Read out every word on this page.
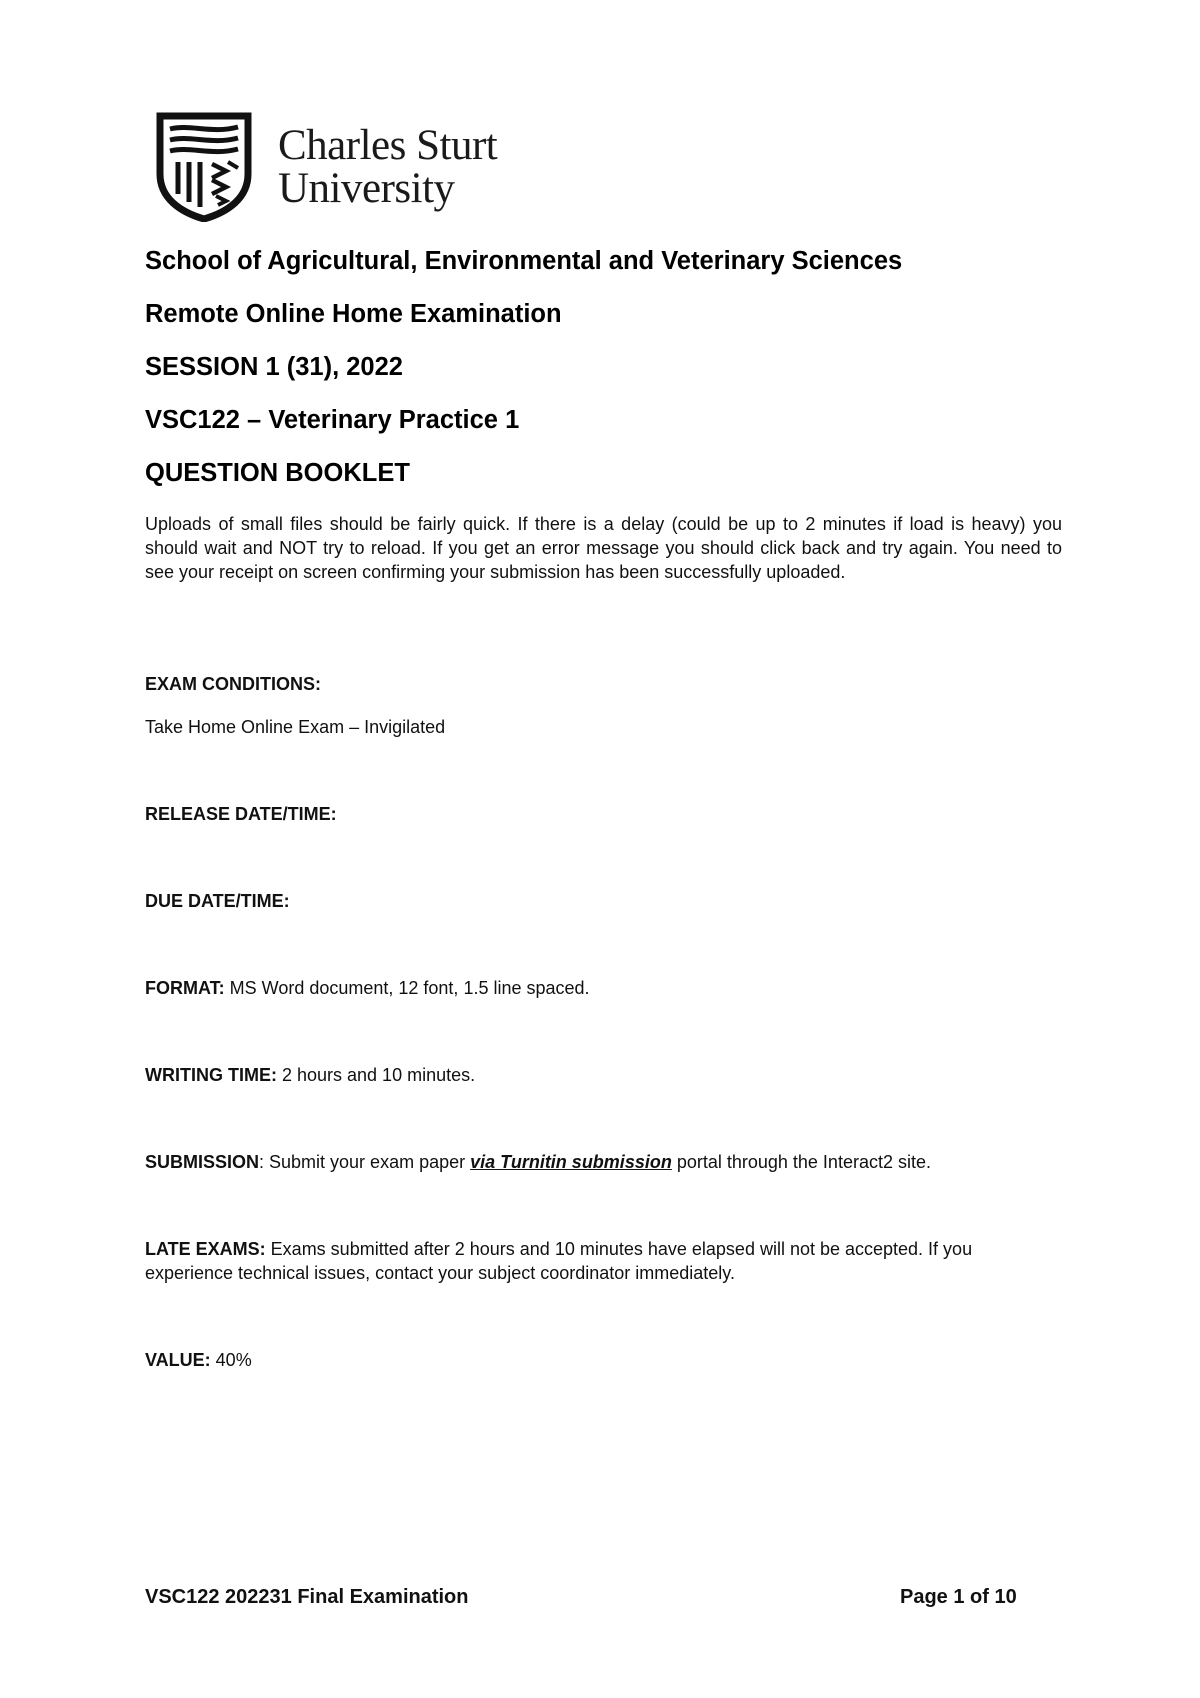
Charles Sturt
University
School of Agricultural, Environmental and Veterinary Sciences
Remote Online Home Examination
SESSION 1 (31), 2022
VSC122 – Veterinary Practice 1
QUESTION BOOKLET
Uploads of small files should be fairly quick. If there is a delay (could be up to 2 minutes if load is heavy) you should wait and NOT try to reload. If you get an error message you should click back and try again. You need to see your receipt on screen confirming your submission has been successfully uploaded.
EXAM CONDITIONS:
Take Home Online Exam – Invigilated
RELEASE DATE/TIME:
DUE DATE/TIME:
FORMAT: MS Word document, 12 font, 1.5 line spaced.
WRITING TIME: 2 hours and 10 minutes.
SUBMISSION: Submit your exam paper via Turnitin submission portal through the Interact2 site.
LATE EXAMS: Exams submitted after 2 hours and 10 minutes have elapsed will not be accepted. If you experience technical issues, contact your subject coordinator immediately.
VALUE: 40%
VSC122 202231 Final Examination	Page 1 of 10
